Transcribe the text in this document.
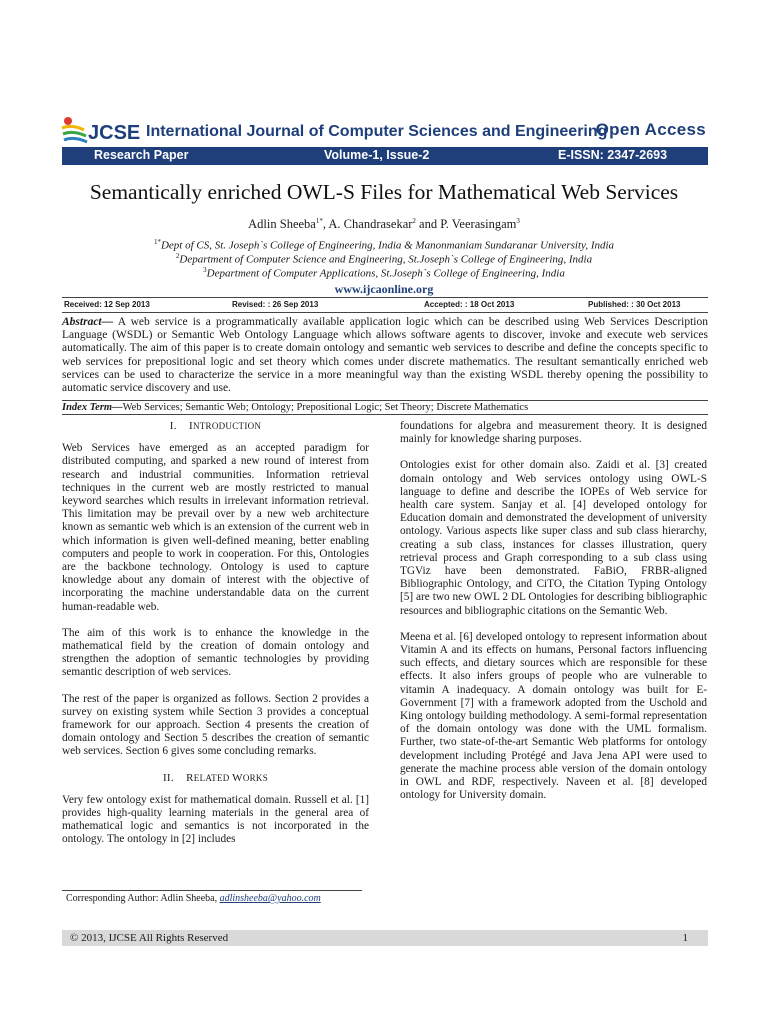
JCSE International Journal of Computer Sciences and Engineering
Open Access
Research Paper	Volume-1, Issue-2	E-ISSN: 2347-2693
Semantically enriched OWL-S Files for Mathematical Web Services
Adlin Sheeba$^{1*}$, A. Chandrasekar$^2$ and P. Veerasingam$^3$
$^{1*}$Dept of CS, St. Joseph`s College of Engineering, India & Manonmaniam Sundaranar University, India
$^2$Department of Computer Science and Engineering, St.Joseph`s College of Engineering, India
$^3$Department of Computer Applications, St.Joseph`s College of Engineering, India
www.ijcaonline.org
Received: 12 Sep 2013	Revised: : 26 Sep 2013	Accepted: : 18 Oct 2013	Published: : 30 Oct 2013
Abstract— A web service is a programmatically available application logic which can be described using Web Services Description Language (WSDL) or Semantic Web Ontology Language which allows software agents to discover, invoke and execute web services automatically. The aim of this paper is to create domain ontology and semantic web services to describe and define the concepts specific to web services for prepositional logic and set theory which comes under discrete mathematics. The resultant semantically enriched web services can be used to characterize the service in a more meaningful way than the existing WSDL thereby opening the possibility to automatic service discovery and use.
Index Term—Web Services; Semantic Web; Ontology; Prepositional Logic; Set Theory; Discrete Mathematics
I. INTRODUCTION

Web Services have emerged as an accepted paradigm for distributed computing, and sparked a new round of interest from research and industrial communities. Information retrieval techniques in the current web are mostly restricted to manual keyword searches which results in irrelevant information retrieval. This limitation may be prevail over by a new web architecture known as semantic web which is an extension of the current web in which information is given well-defined meaning, better enabling computers and people to work in cooperation. For this, Ontologies are the backbone technology. Ontology is used to capture knowledge about any domain of interest with the objective of incorporating the machine understandable data on the current human-readable web.

The aim of this work is to enhance the knowledge in the mathematical field by the creation of domain ontology and strengthen the adoption of semantic technologies by providing semantic description of web services.

The rest of the paper is organized as follows. Section 2 provides a survey on existing system while Section 3 provides a conceptual framework for our approach. Section 4 presents the creation of domain ontology and Section 5 describes the creation of semantic web services. Section 6 gives some concluding remarks.

II. RELATED WORKS

Very few ontology exist for mathematical domain. Russell et al. [1] provides high-quality learning materials in the general area of mathematical logic and semantics is not incorporated in the ontology. The ontology in [2] includes

foundations for algebra and measurement theory. It is designed mainly for knowledge sharing purposes.

Ontologies exist for other domain also. Zaidi et al. [3] created domain ontology and Web services ontology using OWL-S language to define and describe the IOPEs of Web service for health care system. Sanjay et al. [4] developed ontology for Education domain and demonstrated the development of university ontology. Various aspects like super class and sub class hierarchy, creating a sub class, instances for classes illustration, query retrieval process and Graph corresponding to a sub class using TGViz have been demonstrated. FaBiO, FRBR-aligned Bibliographic Ontology, and CiTO, the Citation Typing Ontology [5] are two new OWL 2 DL Ontologies for describing bibliographic resources and bibliographic citations on the Semantic Web.

Meena et al. [6] developed ontology to represent information about Vitamin A and its effects on humans, Personal factors influencing such effects, and dietary sources which are responsible for these effects. It also infers groups of people who are vulnerable to vitamin A inadequacy. A domain ontology was built for E-Government [7] with a framework adopted from the Uschold and King ontology building methodology. A semi-formal representation of the domain ontology was done with the UML formalism. Further, two state-of-the-art Semantic Web platforms for ontology development including Protégé and Java Jena API were used to generate the machine process able version of the domain ontology in OWL and RDF, respectively. Naveen et al. [8] developed ontology for University domain.

Corresponding Author: Adlin Sheeba, adlinsheeba@yahoo.com
© 2013, IJCSE All Rights Reserved	1
